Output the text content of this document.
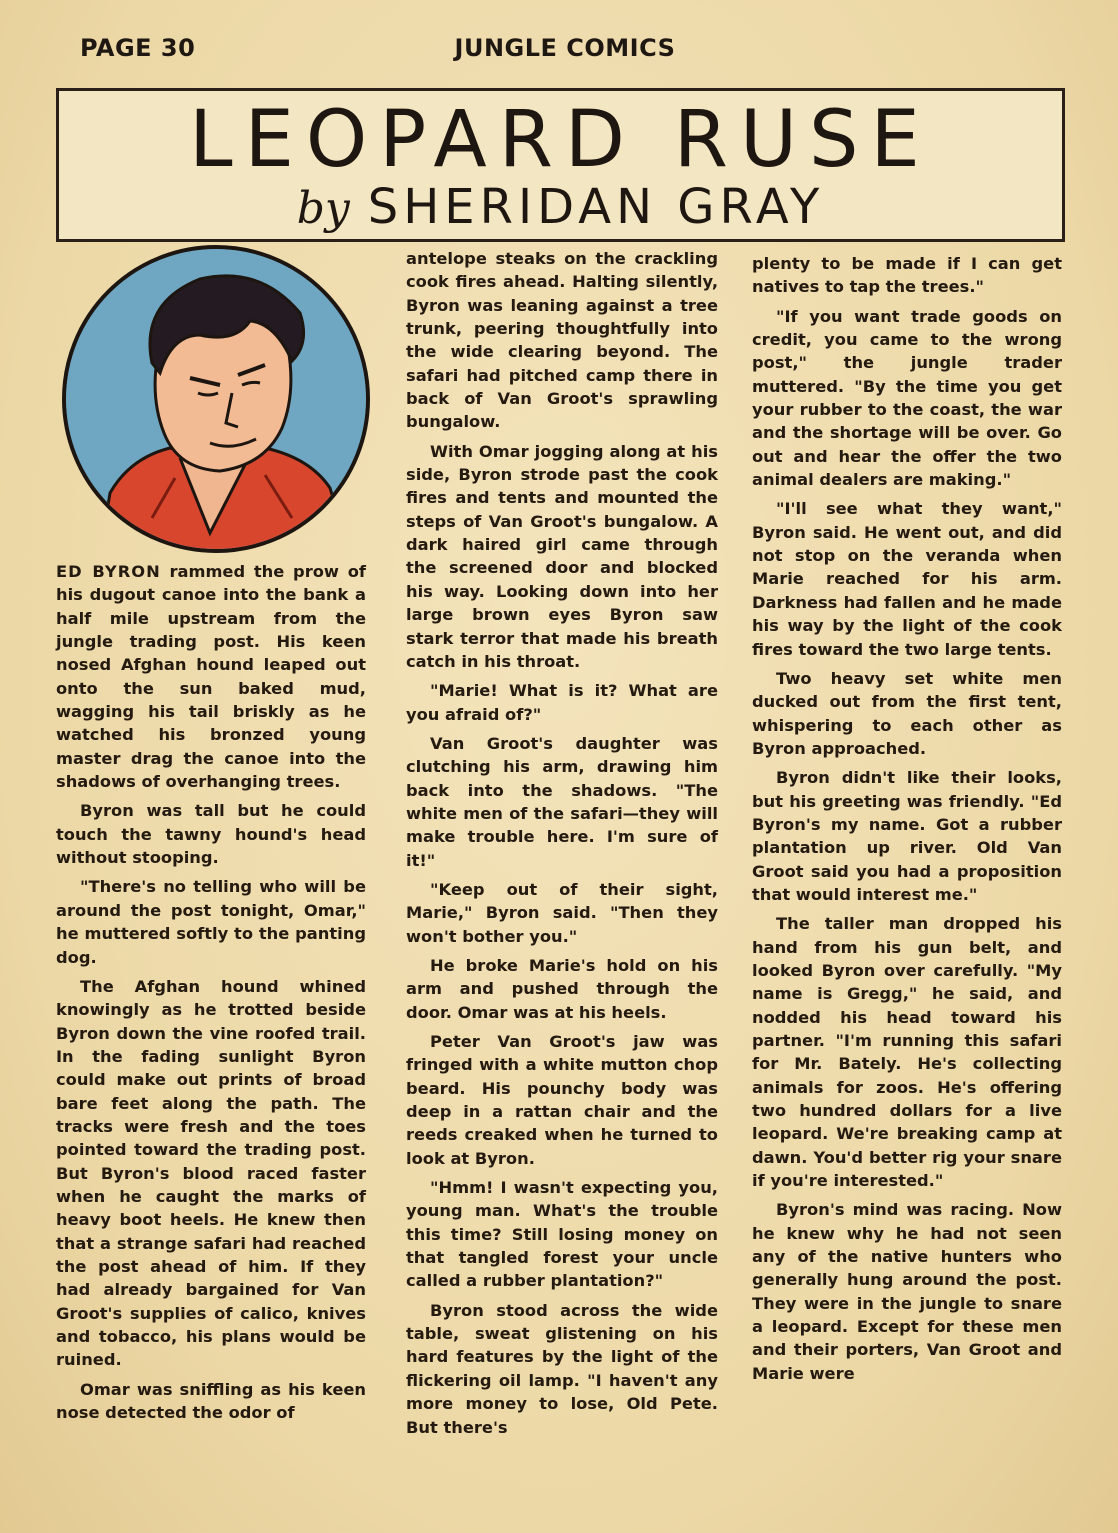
PAGE 30	JUNGLE COMICS
LEOPARD RUSE
by SHERIDAN GRAY

ED BYRON rammed the prow of his dugout canoe into the bank a half mile upstream from the jungle trading post. His keen nosed Afghan hound leaped out onto the sun baked mud, wagging his tail briskly as he watched his bronzed young master drag the canoe into the shadows of overhanging trees.

Byron was tall but he could touch the tawny hound's head without stooping.

"There's no telling who will be around the post tonight, Omar," he muttered softly to the panting dog.

The Afghan hound whined knowingly as he trotted beside Byron down the vine roofed trail. In the fading sunlight Byron could make out prints of broad bare feet along the path. The tracks were fresh and the toes pointed toward the trading post. But Byron's blood raced faster when he caught the marks of heavy boot heels. He knew then that a strange safari had reached the post ahead of him. If they had already bargained for Van Groot's supplies of calico, knives and tobacco, his plans would be ruined.

Omar was sniffling as his keen nose detected the odor of

antelope steaks on the crackling cook fires ahead. Halting silently, Byron was leaning against a tree trunk, peering thoughtfully into the wide clearing beyond. The safari had pitched camp there in back of Van Groot's sprawling bungalow.

With Omar jogging along at his side, Byron strode past the cook fires and tents and mounted the steps of Van Groot's bungalow. A dark haired girl came through the screened door and blocked his way. Looking down into her large brown eyes Byron saw stark terror that made his breath catch in his throat.

"Marie! What is it? What are you afraid of?"

Van Groot's daughter was clutching his arm, drawing him back into the shadows. "The white men of the safari—they will make trouble here. I'm sure of it!"

"Keep out of their sight, Marie," Byron said. "Then they won't bother you."

He broke Marie's hold on his arm and pushed through the door. Omar was at his heels.

Peter Van Groot's jaw was fringed with a white mutton chop beard. His pounchy body was deep in a rattan chair and the reeds creaked when he turned to look at Byron.

"Hmm! I wasn't expecting you, young man. What's the trouble this time? Still losing money on that tangled forest your uncle called a rubber plantation?"

Byron stood across the wide table, sweat glistening on his hard features by the light of the flickering oil lamp. "I haven't any more money to lose, Old Pete. But there's

plenty to be made if I can get natives to tap the trees."

"If you want trade goods on credit, you came to the wrong post," the jungle trader muttered. "By the time you get your rubber to the coast, the war and the shortage will be over. Go out and hear the offer the two animal dealers are making."

"I'll see what they want," Byron said. He went out, and did not stop on the veranda when Marie reached for his arm. Darkness had fallen and he made his way by the light of the cook fires toward the two large tents.

Two heavy set white men ducked out from the first tent, whispering to each other as Byron approached.

Byron didn't like their looks, but his greeting was friendly. "Ed Byron's my name. Got a rubber plantation up river. Old Van Groot said you had a proposition that would interest me."

The taller man dropped his hand from his gun belt, and looked Byron over carefully. "My name is Gregg," he said, and nodded his head toward his partner. "I'm running this safari for Mr. Bately. He's collecting animals for zoos. He's offering two hundred dollars for a live leopard. We're breaking camp at dawn. You'd better rig your snare if you're interested."

Byron's mind was racing. Now he knew why he had not seen any of the native hunters who generally hung around the post. They were in the jungle to snare a leopard. Except for these men and their porters, Van Groot and Marie were
